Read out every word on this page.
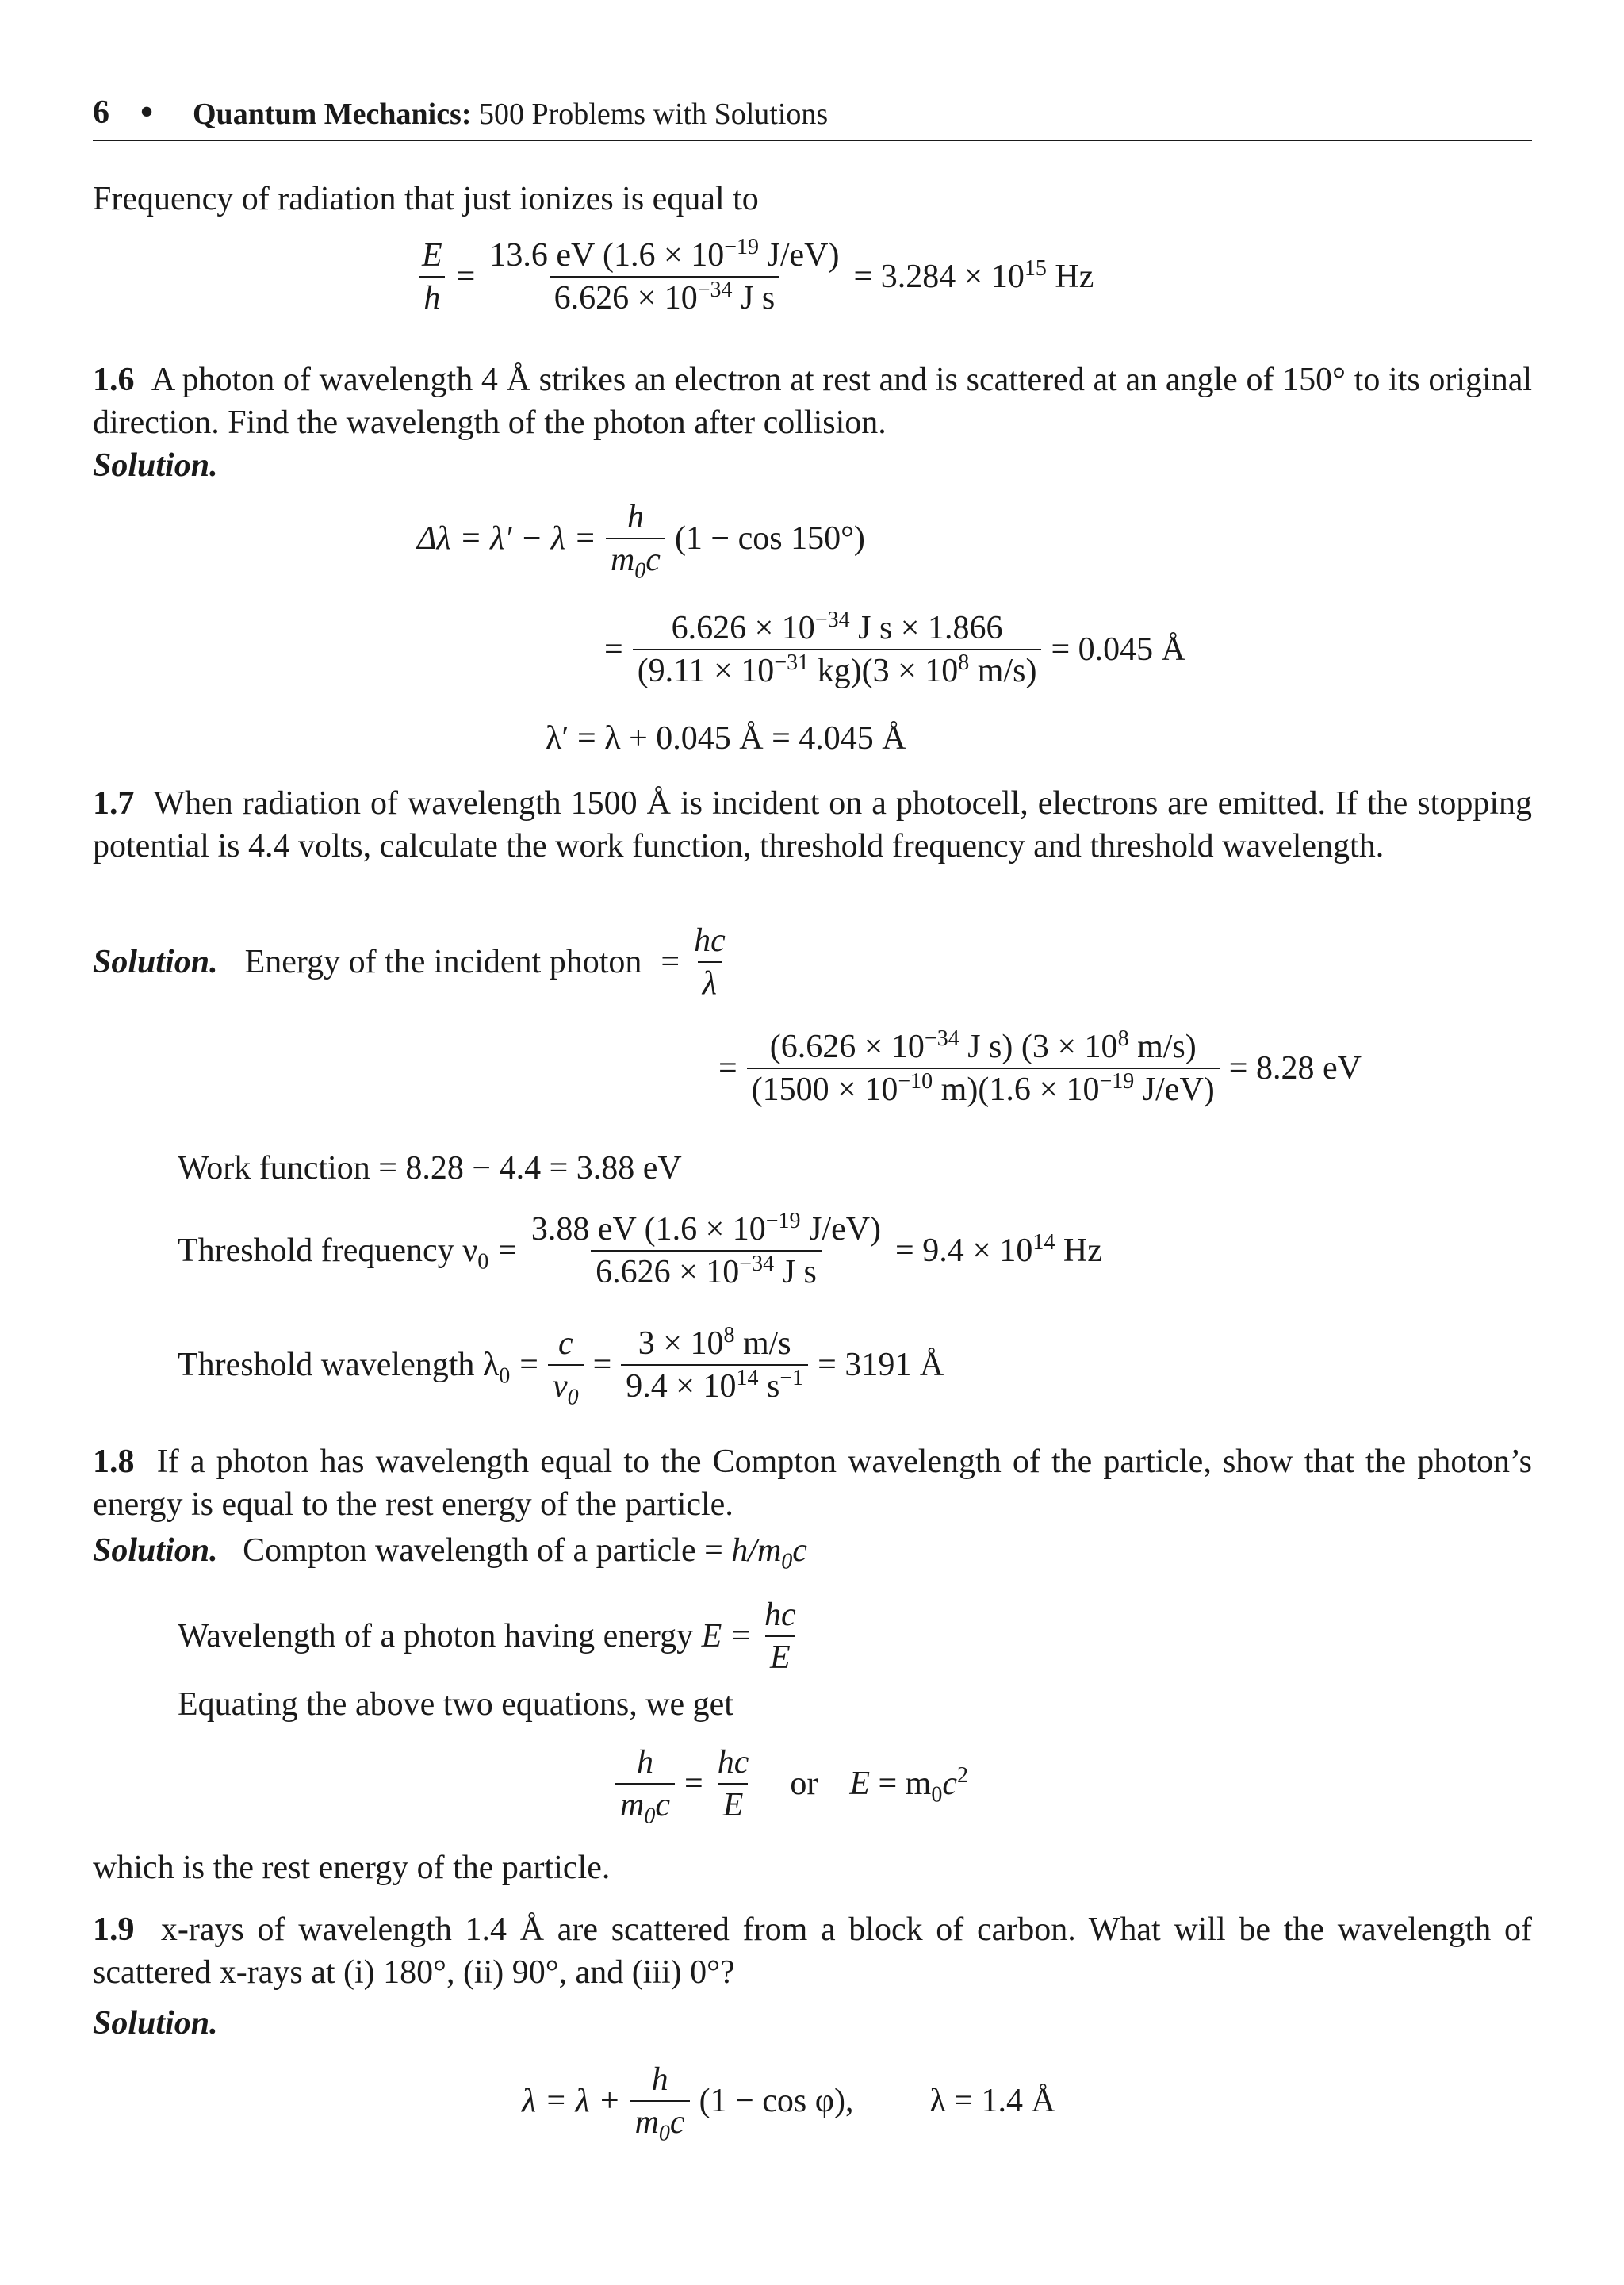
6 • Quantum Mechanics: 500 Problems with Solutions
Frequency of radiation that just ionizes is equal to
$\frac{E}{h} = \frac{13.6 eV (1.6 \times 10^{-19} J/eV)}{6.626 \times 10^{-34} J s} = 3.284 \times 10^{15}$ Hz
1.6 A photon of wavelength 4 Å strikes an electron at rest and is scattered at an angle of 150° to its original direction. Find the wavelength of the photon after collision.
Solution.
$\Delta\lambda = \lambda' - \lambda = \frac{h}{m_0c} (1 - \cos 150^\circ)$
= $\frac{6.626 \times 10^{-34} J s \times 1.866}{(9.11 \times 10^{-31} kg)(3 \times 10^8 m/s)} = 0.045$ Å
λ′ = λ + 0.045 Å = 4.045 Å
1.7 When radiation of wavelength 1500 Å is incident on a photocell, electrons are emitted. If the stopping potential is 4.4 volts, calculate the work function, threshold frequency and threshold wavelength.
Solution. Energy of the incident photon = $\frac{hc}{\lambda}$
= $\frac{(6.626 \times 10^{-34} J s) (3 \times 10^8 m/s)}{(1500 \times 10^{-10} m)(1.6 \times 10^{-19} J/eV)} = 8.28$ eV
Work function = 8.28 − 4.4 = 3.88 eV
Threshold frequency $\nu_0 = \frac{3.88 eV (1.6 \times 10^{-19} J/eV)}{6.626 \times 10^{-34} J s} = 9.4 \times 10^{14}$ Hz
Threshold wavelength $\lambda_0 = \frac{c}{\nu_0} = \frac{3 \times 10^8 m/s}{9.4 \times 10^{14} s^{-1}} = 3191$ Å
1.8 If a photon has wavelength equal to the Compton wavelength of the particle, show that the photon’s energy is equal to the rest energy of the particle.
Solution. Compton wavelength of a particle = $h/m_0c$
Wavelength of a photon having energy $E = \frac{hc}{E}$
Equating the above two equations, we get
$\frac{h}{m_0c} = \frac{hc}{E}$ or $E = m_0c^2$
which is the rest energy of the particle.
1.9 x-rays of wavelength 1.4 Å are scattered from a block of carbon. What will be the wavelength of scattered x-rays at (i) 180°, (ii) 90°, and (iii) 0°?
Solution.
$\lambda = \lambda + \frac{h}{m_0c} (1 - \cos \varphi)$, λ = 1.4 Å
